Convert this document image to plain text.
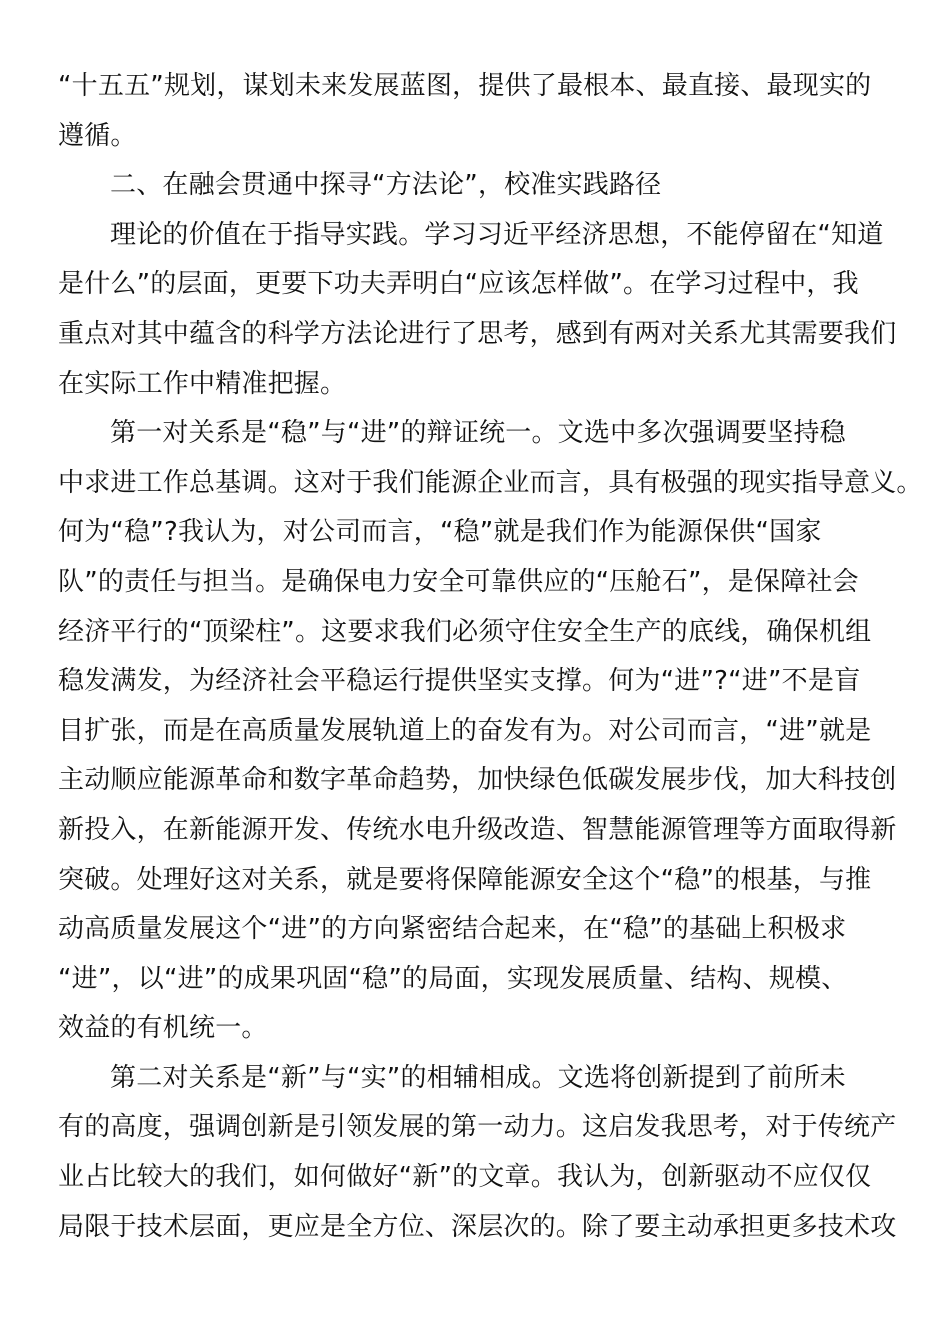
“十五五”规划，谋划未来发展蓝图，提供了最根本、最直接、最现实的
遵循。
二、在融会贯通中探寻“方法论”，校准实践路径
理论的价值在于指导实践。学习习近平经济思想，不能停留在“知道
是什么”的层面，更要下功夫弄明白“应该怎样做”。在学习过程中，我
重点对其中蕴含的科学方法论进行了思考，感到有两对关系尤其需要我们
在实际工作中精准把握。
第一对关系是“稳”与“进”的辩证统一。文选中多次强调要坚持稳
中求进工作总基调。这对于我们能源企业而言，具有极强的现实指导意义。
何为“稳”?我认为，对公司而言，“稳”就是我们作为能源保供“国家
队”的责任与担当。是确保电力安全可靠供应的“压舱石”，是保障社会
经济平行的“顶梁柱”。这要求我们必须守住安全生产的底线，确保机组
稳发满发，为经济社会平稳运行提供坚实支撑。何为“进”?“进”不是盲
目扩张，而是在高质量发展轨道上的奋发有为。对公司而言，“进”就是
主动顺应能源革命和数字革命趋势，加快绿色低碳发展步伐，加大科技创
新投入，在新能源开发、传统水电升级改造、智慧能源管理等方面取得新
突破。处理好这对关系，就是要将保障能源安全这个“稳”的根基，与推
动高质量发展这个“进”的方向紧密结合起来，在“稳”的基础上积极求
“进”，以“进”的成果巩固“稳”的局面，实现发展质量、结构、规模、
效益的有机统一。
第二对关系是“新”与“实”的相辅相成。文选将创新提到了前所未
有的高度，强调创新是引领发展的第一动力。这启发我思考，对于传统产
业占比较大的我们，如何做好“新”的文章。我认为，创新驱动不应仅仅
局限于技术层面，更应是全方位、深层次的。除了要主动承担更多技术攻
